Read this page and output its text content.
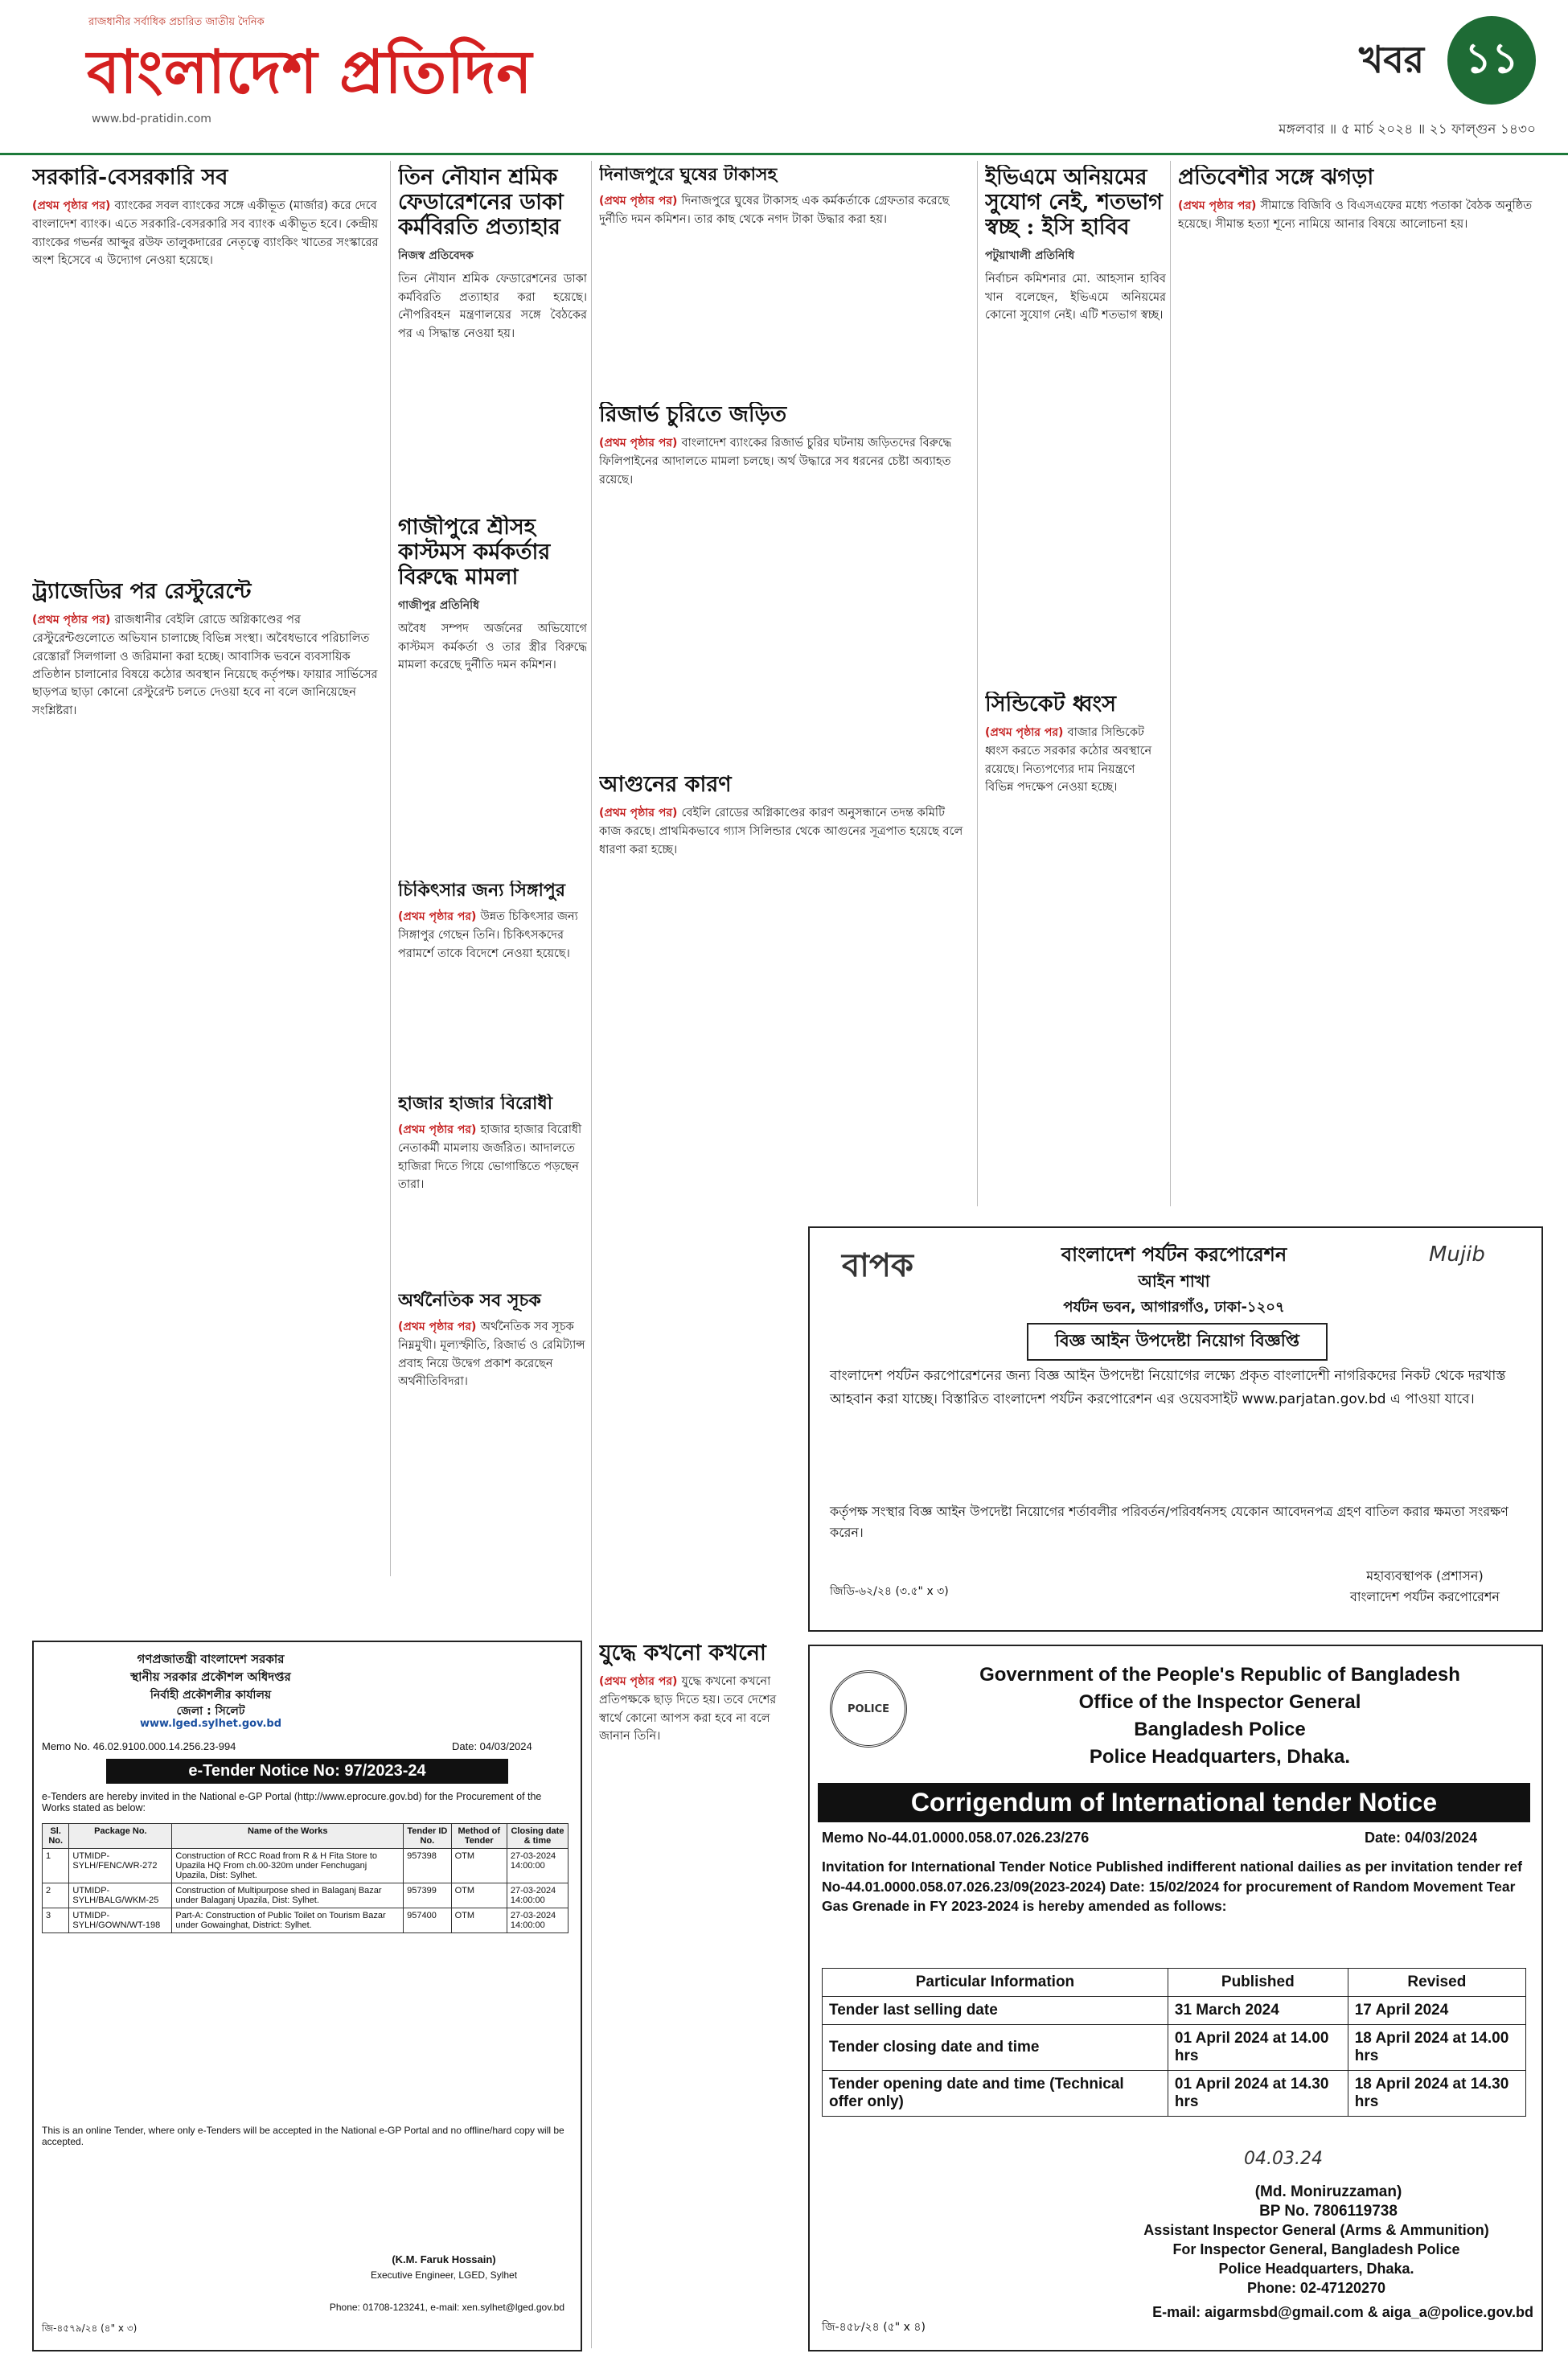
রাজধানীর সর্বাধিক প্রচারিত জাতীয় দৈনিক
বাংলাদেশ প্রতিদিন
www.bd-pratidin.com
খবর ১১
মঙ্গলবার ॥ ৫ মার্চ ২০২৪ ॥ ২১ ফাল্গুন ১৪৩০
সরকারি-বেসরকারি সব
(প্রথম পৃষ্ঠার পর) ব্যাংকের সবল ব্যাংকের সঙ্গে একীভূত (মার্জার) করে দেবে বাংলাদেশ ব্যাংক। এতে সরকারি-বেসরকারি সব ব্যাংক একীভূত হবে। কেন্দ্রীয় ব্যাংকের গভর্নর আব্দুর রউফ তালুকদারের নেতৃত্বে ব্যাংকিং খাতের সংস্কারের অংশ হিসেবে এ উদ্যোগ নেওয়া হয়েছে।
ট্র্যাজেডির পর রেস্টুরেন্টে
(প্রথম পৃষ্ঠার পর) রাজধানীর বেইলি রোডে অগ্নিকাণ্ডের পর রেস্টুরেন্টগুলোতে অভিযান চালাচ্ছে বিভিন্ন সংস্থা। অবৈধভাবে পরিচালিত রেস্তোরাঁ সিলগালা ও জরিমানা করা হচ্ছে। আবাসিক ভবনে ব্যবসায়িক প্রতিষ্ঠান চালানোর বিষয়ে কঠোর অবস্থান নিয়েছে কর্তৃপক্ষ। ফায়ার সার্ভিসের ছাড়পত্র ছাড়া কোনো রেস্টুরেন্ট চলতে দেওয়া হবে না বলে জানিয়েছেন সংশ্লিষ্টরা।
তিন নৌযান শ্রমিক ফেডারেশনের ডাকা কর্মবিরতি প্রত্যাহার
নিজস্ব প্রতিবেদক
তিন নৌযান শ্রমিক ফেডারেশনের ডাকা কর্মবিরতি প্রত্যাহার করা হয়েছে। নৌপরিবহন মন্ত্রণালয়ের সঙ্গে বৈঠকের পর এ সিদ্ধান্ত নেওয়া হয়।
গাজীপুরে শ্রীসহ কাস্টমস কর্মকর্তার বিরুদ্ধে মামলা
গাজীপুর প্রতিনিধি
অবৈধ সম্পদ অর্জনের অভিযোগে কাস্টমস কর্মকর্তা ও তার স্ত্রীর বিরুদ্ধে মামলা করেছে দুর্নীতি দমন কমিশন।
চিকিৎসার জন্য সিঙ্গাপুর
(প্রথম পৃষ্ঠার পর) উন্নত চিকিৎসার জন্য সিঙ্গাপুর গেছেন তিনি। চিকিৎসকদের পরামর্শে তাকে বিদেশে নেওয়া হয়েছে।
হাজার হাজার বিরোধী
(প্রথম পৃষ্ঠার পর) হাজার হাজার বিরোধী নেতাকর্মী মামলায় জর্জরিত। আদালতে হাজিরা দিতে গিয়ে ভোগান্তিতে পড়ছেন তারা।
অর্থনৈতিক সব সূচক
(প্রথম পৃষ্ঠার পর) অর্থনৈতিক সব সূচক নিম্নমুখী। মূল্যস্ফীতি, রিজার্ভ ও রেমিট্যান্স প্রবাহ নিয়ে উদ্বেগ প্রকাশ করেছেন অর্থনীতিবিদরা।
দিনাজপুরে ঘুষের টাকাসহ
(প্রথম পৃষ্ঠার পর) দিনাজপুরে ঘুষের টাকাসহ এক কর্মকর্তাকে গ্রেফতার করেছে দুর্নীতি দমন কমিশন। তার কাছ থেকে নগদ টাকা উদ্ধার করা হয়।
রিজার্ভ চুরিতে জড়িত
(প্রথম পৃষ্ঠার পর) বাংলাদেশ ব্যাংকের রিজার্ভ চুরির ঘটনায় জড়িতদের বিরুদ্ধে ফিলিপাইনের আদালতে মামলা চলছে। অর্থ উদ্ধারে সব ধরনের চেষ্টা অব্যাহত রয়েছে।
আগুনের কারণ
(প্রথম পৃষ্ঠার পর) বেইলি রোডের অগ্নিকাণ্ডের কারণ অনুসন্ধানে তদন্ত কমিটি কাজ করছে। প্রাথমিকভাবে গ্যাস সিলিন্ডার থেকে আগুনের সূত্রপাত হয়েছে বলে ধারণা করা হচ্ছে।
ইভিএমে অনিয়মের সুযোগ নেই, শতভাগ স্বচ্ছ : ইসি হাবিব
পটুয়াখালী প্রতিনিধি
নির্বাচন কমিশনার মো. আহসান হাবিব খান বলেছেন, ইভিএমে অনিয়মের কোনো সুযোগ নেই। এটি শতভাগ স্বচ্ছ।
সিন্ডিকেট ধ্বংস
(প্রথম পৃষ্ঠার পর) বাজার সিন্ডিকেট ধ্বংস করতে সরকার কঠোর অবস্থানে রয়েছে। নিত্যপণ্যের দাম নিয়ন্ত্রণে বিভিন্ন পদক্ষেপ নেওয়া হচ্ছে।
প্রতিবেশীর সঙ্গে ঝগড়া
(প্রথম পৃষ্ঠার পর) সীমান্তে বিজিবি ও বিএসএফের মধ্যে পতাকা বৈঠক অনুষ্ঠিত হয়েছে। সীমান্ত হত্যা শূন্যে নামিয়ে আনার বিষয়ে আলোচনা হয়।
যুদ্ধে কখনো কখনো
(প্রথম পৃষ্ঠার পর) যুদ্ধে কখনো কখনো প্রতিপক্ষকে ছাড় দিতে হয়। তবে দেশের স্বার্থে কোনো আপস করা হবে না বলে জানান তিনি।
বাপক	Mujib
বাংলাদেশ পর্যটন করপোরেশন
আইন শাখা
পর্যটন ভবন, আগারগাঁও, ঢাকা-১২০৭
বিজ্ঞ আইন উপদেষ্টা নিয়োগ বিজ্ঞপ্তি
বাংলাদেশ পর্যটন করপোরেশনের জন্য বিজ্ঞ আইন উপদেষ্টা নিয়োগের লক্ষ্যে প্রকৃত বাংলাদেশী নাগরিকদের নিকট থেকে দরখাস্ত আহবান করা যাচ্ছে। বিস্তারিত বাংলাদেশ পর্যটন করপোরেশন এর ওয়েবসাইট www.parjatan.gov.bd এ পাওয়া যাবে।
কর্তৃপক্ষ সংস্থার বিজ্ঞ আইন উপদেষ্টা নিয়োগের শর্তাবলীর পরিবর্তন/পরিবর্ধনসহ যেকোন আবেদনপত্র গ্রহণ বাতিল করার ক্ষমতা সংরক্ষণ করেন।
জিডি-৬২/২৪ (৩.৫" x ৩)
মহাব্যবস্থাপক (প্রশাসন)
বাংলাদেশ পর্যটন করপোরেশন
গণপ্রজাতন্ত্রী বাংলাদেশ সরকার
স্থানীয় সরকার প্রকৌশল অধিদপ্তর
নির্বাহী প্রকৌশলীর কার্যালয়
জেলা : সিলেট
www.lged.sylhet.gov.bd
Memo No. 46.02.9100.000.14.256.23-994	Date: 04/03/2024
e-Tender Notice No: 97/2023-24
e-Tenders are hereby invited in the National e-GP Portal (http://www.eprocure.gov.bd) for the Procurement of the Works stated as below:
Sl. No.	Package No.	Name of the Works	Tender ID No.	Method of Tender	Closing date & time
1	UTMIDP-SYLH/FENC/WR-272	Construction of RCC Road from R & H Fita Store to Upazila HQ From ch.00-320m under Fenchuganj Upazila, Dist: Sylhet.	957398	OTM	27-03-2024 14:00:00
2	UTMIDP-SYLH/BALG/WKM-25	Construction of Multipurpose shed in Balaganj Bazar under Balaganj Upazila, Dist: Sylhet.	957399	OTM	27-03-2024 14:00:00
3	UTMIDP-SYLH/GOWN/WT-198	Part-A: Construction of Public Toilet on Tourism Bazar under Gowainghat, District: Sylhet.	957400	OTM	27-03-2024 14:00:00
This is an online Tender, where only e-Tenders will be accepted in the National e-GP Portal and no offline/hard copy will be accepted.
(K.M. Faruk Hossain)
Executive Engineer, LGED, Sylhet
Phone: 01708-123241, e-mail: xen.sylhet@lged.gov.bd
জি-৪৫৭৯/২৪ (৪" x ৩)
POLICE
Government of the People's Republic of Bangladesh
Office of the Inspector General
Bangladesh Police
Police Headquarters, Dhaka.
Corrigendum of International tender Notice
Memo No-44.01.0000.058.07.026.23/276	Date: 04/03/2024
Invitation for International Tender Notice Published indifferent national dailies as per invitation tender ref No-44.01.0000.058.07.026.23/09(2023-2024) Date: 15/02/2024 for procurement of Random Movement Tear Gas Grenade in FY 2023-2024 is hereby amended as follows:
Particular Information	Published	Revised
Tender last selling date	31 March 2024	17 April 2024
Tender closing date and time	01 April 2024 at 14.00 hrs	18 April 2024 at 14.00 hrs
Tender opening date and time (Technical offer only)	01 April 2024 at 14.30 hrs	18 April 2024 at 14.30 hrs
04.03.24
(Md. Moniruzzaman)
BP No. 7806119738
Assistant Inspector General (Arms & Ammunition)
For Inspector General, Bangladesh Police
Police Headquarters, Dhaka.
Phone: 02-47120270
E-mail: aigarmsbd@gmail.com & aiga_a@police.gov.bd
জি-৪৫৮/২৪ (৫" x ৪)
